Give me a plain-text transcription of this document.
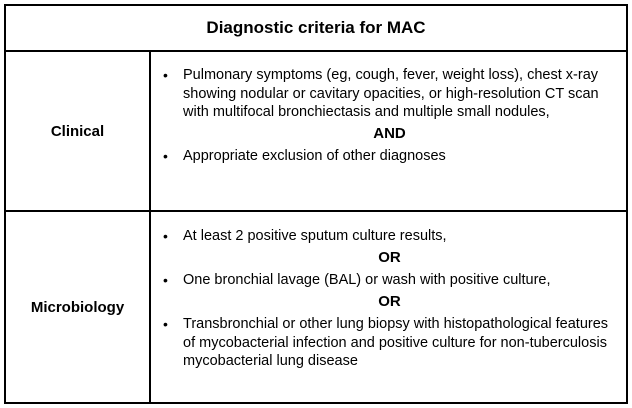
Diagnostic criteria for MAC
Clinical
•	Pulmonary symptoms (eg, cough, fever, weight loss), chest x-ray showing nodular or cavitary opacities, or high-resolution CT scan with multifocal bronchiectasis and multiple small nodules,
AND
•	Appropriate exclusion of other diagnoses
Microbiology
•	At least 2 positive sputum culture results,
OR
•	One bronchial lavage (BAL) or wash with positive culture,
OR
•	Transbronchial or other lung biopsy with histopathological features of mycobacterial infection and positive culture for non-tuberculosis mycobacterial lung disease
